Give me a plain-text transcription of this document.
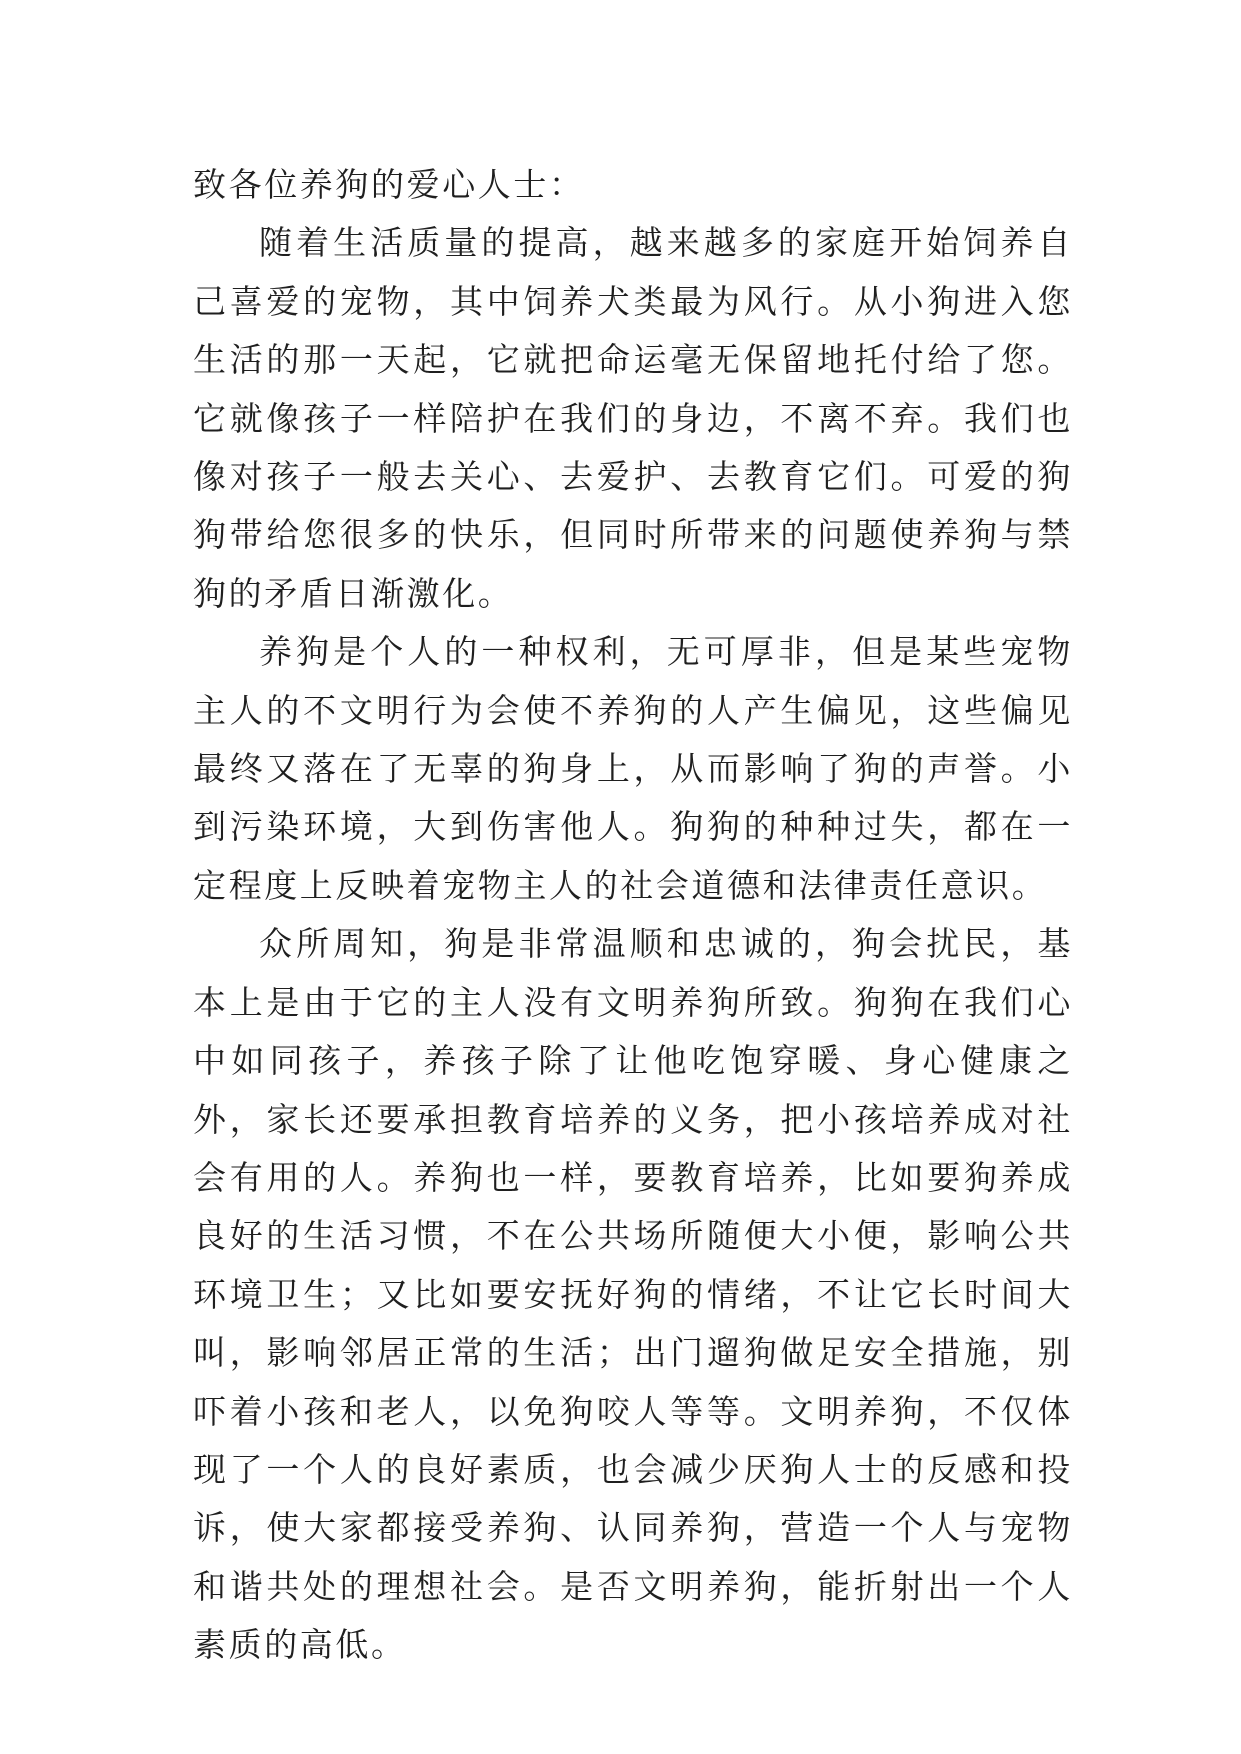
致各位养狗的爱心人士：

随着生活质量的提高，越来越多的家庭开始饲养自己喜爱的宠物，其中饲养犬类最为风行。从小狗进入您生活的那一天起，它就把命运毫无保留地托付给了您。它就像孩子一样陪护在我们的身边，不离不弃。我们也像对孩子一般去关心、去爱护、去教育它们。可爱的狗狗带给您很多的快乐，但同时所带来的问题使养狗与禁狗的矛盾日渐激化。

养狗是个人的一种权利，无可厚非，但是某些宠物主人的不文明行为会使不养狗的人产生偏见，这些偏见最终又落在了无辜的狗身上，从而影响了狗的声誉。小到污染环境，大到伤害他人。狗狗的种种过失，都在一定程度上反映着宠物主人的社会道德和法律责任意识。

众所周知，狗是非常温顺和忠诚的，狗会扰民，基本上是由于它的主人没有文明养狗所致。狗狗在我们心中如同孩子，养孩子除了让他吃饱穿暖、身心健康之外，家长还要承担教育培养的义务，把小孩培养成对社会有用的人。养狗也一样，要教育培养，比如要狗养成良好的生活习惯，不在公共场所随便大小便，影响公共环境卫生；又比如要安抚好狗的情绪，不让它长时间大叫，影响邻居正常的生活；出门遛狗做足安全措施，别吓着小孩和老人，以免狗咬人等等。文明养狗，不仅体现了一个人的良好素质，也会减少厌狗人士的反感和投诉，使大家都接受养狗、认同养狗，营造一个人与宠物和谐共处的理想社会。是否文明养狗，能折射出一个人素质的高低。
